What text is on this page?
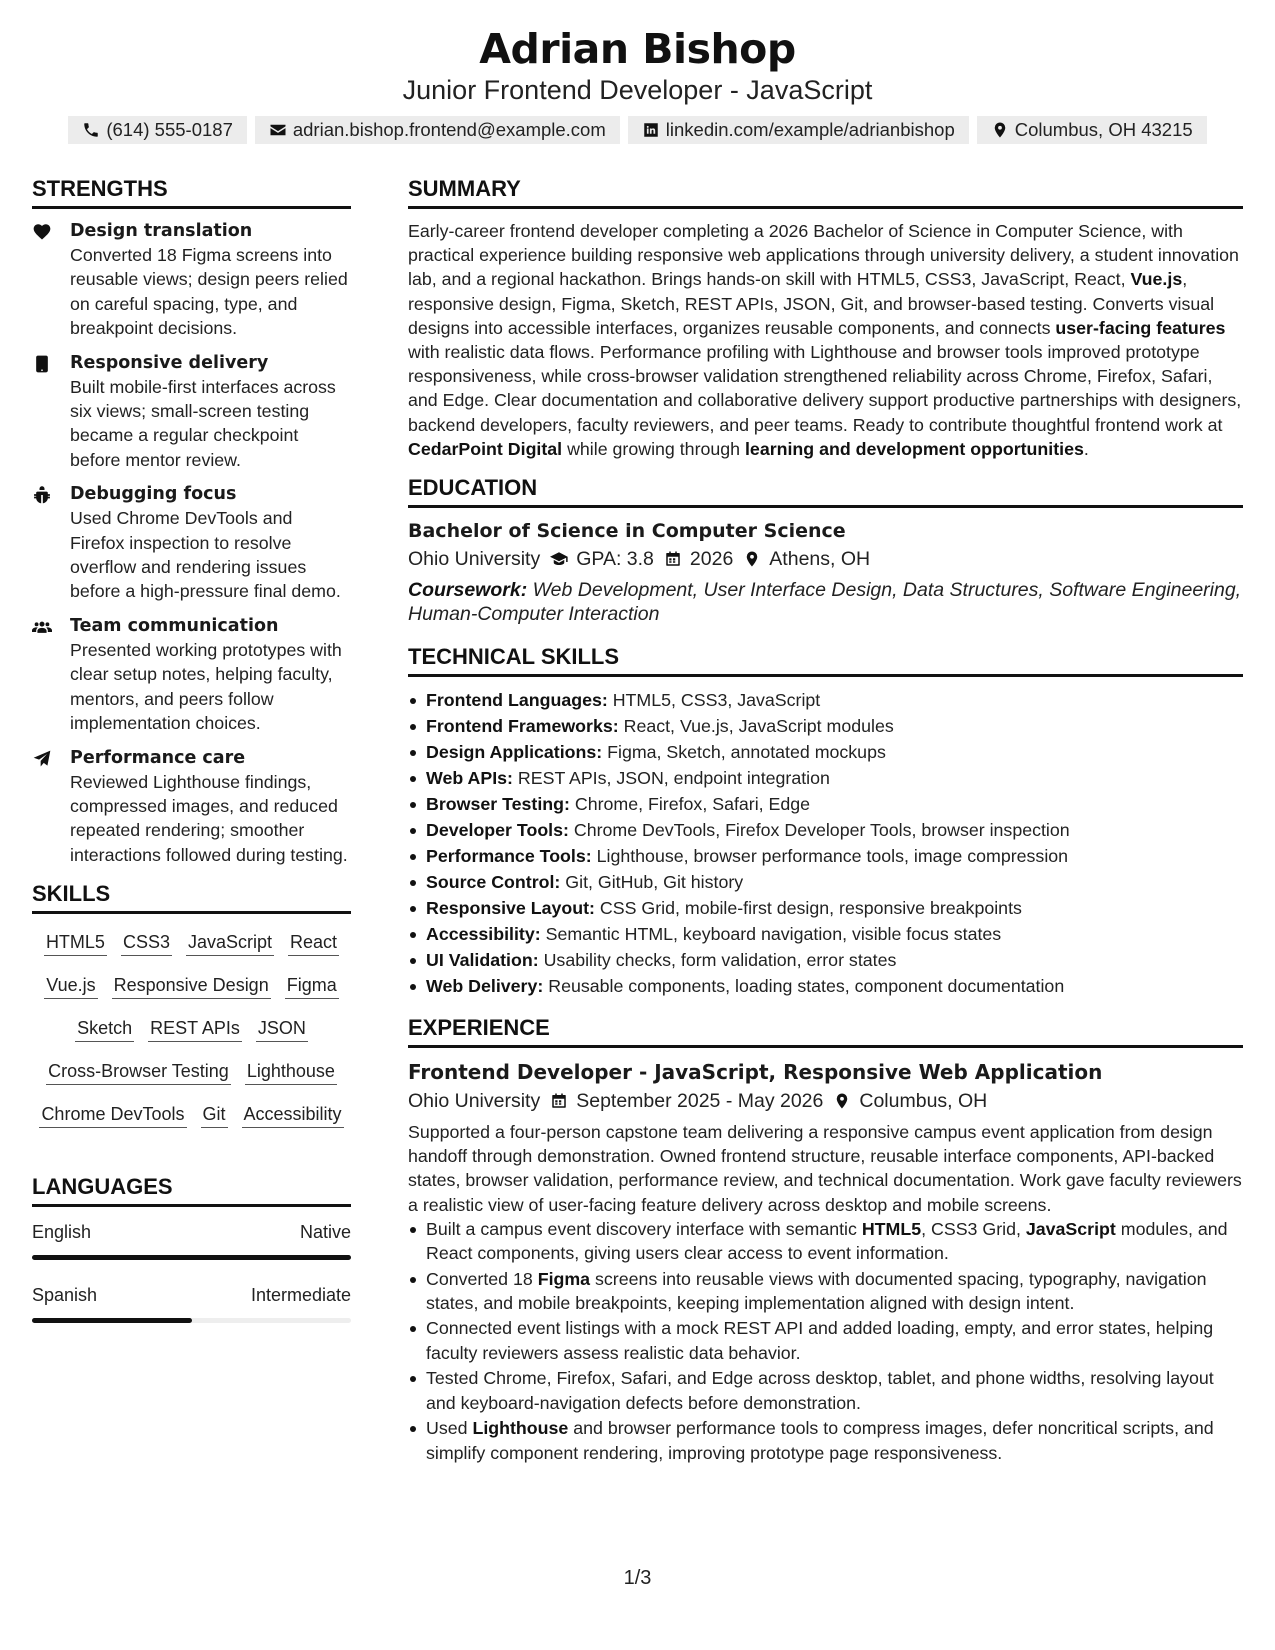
Adrian Bishop
Junior Frontend Developer - JavaScript
(614) 555-0187	adrian.bishop.frontend@example.com	linkedin.com/example/adrianbishop	Columbus, OH 43215
STRENGTHS
Design translation
Converted 18 Figma screens into reusable views; design peers relied on careful spacing, type, and breakpoint decisions.
Responsive delivery
Built mobile-first interfaces across six views; small-screen testing became a regular checkpoint before mentor review.
Debugging focus
Used Chrome DevTools and Firefox inspection to resolve overflow and rendering issues before a high-pressure final demo.
Team communication
Presented working prototypes with clear setup notes, helping faculty, mentors, and peers follow implementation choices.
Performance care
Reviewed Lighthouse findings, compressed images, and reduced repeated rendering; smoother interactions followed during testing.
SKILLS
HTML5 CSS3 JavaScript React
Vue.js Responsive Design Figma
Sketch REST APIs JSON
Cross-Browser Testing Lighthouse
Chrome DevTools Git Accessibility
LANGUAGES
English	Native
Spanish	Intermediate
SUMMARY

Early-career frontend developer completing a 2026 Bachelor of Science in Computer Science, with practical experience building responsive web applications through university delivery, a student innovation lab, and a regional hackathon. Brings hands-on skill with HTML5, CSS3, JavaScript, React, Vue.js, responsive design, Figma, Sketch, REST APIs, JSON, Git, and browser-based testing. Converts visual designs into accessible interfaces, organizes reusable components, and connects user-facing features with realistic data flows. Performance profiling with Lighthouse and browser tools improved prototype responsiveness, while cross-browser validation strengthened reliability across Chrome, Firefox, Safari, and Edge. Clear documentation and collaborative delivery support productive partnerships with designers, backend developers, faculty reviewers, and peer teams. Ready to contribute thoughtful frontend work at CedarPoint Digital while growing through learning and development opportunities.

EDUCATION
Bachelor of Science in Computer Science
Ohio University GPA: 3.8 2026 Athens, OH
Coursework: Web Development, User Interface Design, Data Structures, Software Engineering, Human-Computer Interaction
TECHNICAL SKILLS
Frontend Languages: HTML5, CSS3, JavaScript
Frontend Frameworks: React, Vue.js, JavaScript modules
Design Applications: Figma, Sketch, annotated mockups
Web APIs: REST APIs, JSON, endpoint integration
Browser Testing: Chrome, Firefox, Safari, Edge
Developer Tools: Chrome DevTools, Firefox Developer Tools, browser inspection
Performance Tools: Lighthouse, browser performance tools, image compression
Source Control: Git, GitHub, Git history
Responsive Layout: CSS Grid, mobile-first design, responsive breakpoints
Accessibility: Semantic HTML, keyboard navigation, visible focus states
UI Validation: Usability checks, form validation, error states
Web Delivery: Reusable components, loading states, component documentation
EXPERIENCE
Frontend Developer - JavaScript, Responsive Web Application
Ohio University September 2025 - May 2026 Columbus, OH
Supported a four-person capstone team delivering a responsive campus event application from design handoff through demonstration. Owned frontend structure, reusable interface components, API-backed states, browser validation, performance review, and technical documentation. Work gave faculty reviewers a realistic view of user-facing feature delivery across desktop and mobile screens.
Built a campus event discovery interface with semantic HTML5, CSS3 Grid, JavaScript modules, and React components, giving users clear access to event information.
Converted 18 Figma screens into reusable views with documented spacing, typography, navigation states, and mobile breakpoints, keeping implementation aligned with design intent.
Connected event listings with a mock REST API and added loading, empty, and error states, helping faculty reviewers assess realistic data behavior.
Tested Chrome, Firefox, Safari, and Edge across desktop, tablet, and phone widths, resolving layout and keyboard-navigation defects before demonstration.
Used Lighthouse and browser performance tools to compress images, defer noncritical scripts, and simplify component rendering, improving prototype page responsiveness.
1/3
